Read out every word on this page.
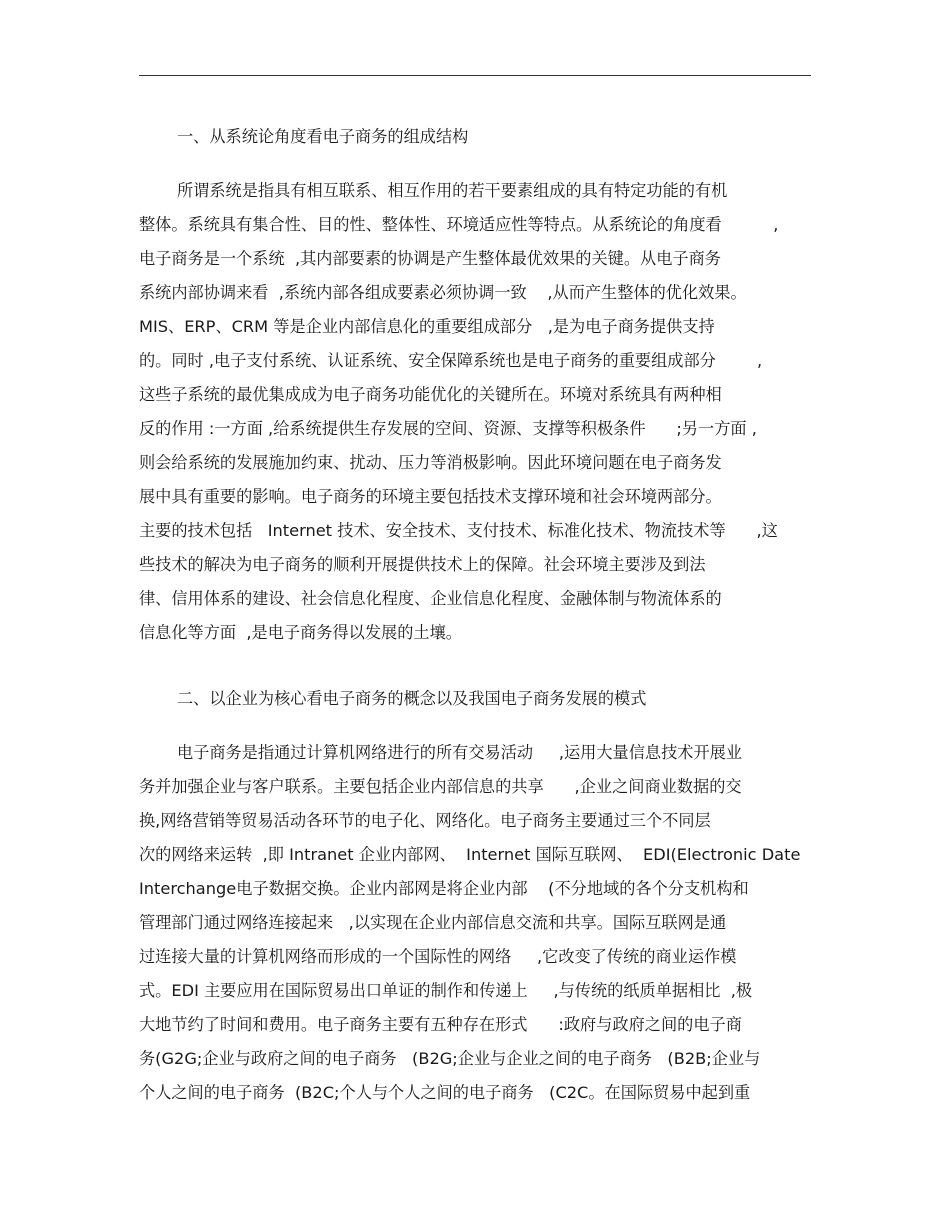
一、从系统论角度看电子商务的组成结构
所谓系统是指具有相互联系、相互作用的若干要素组成的具有特定功能的有机
整体。系统具有集合性、目的性、整体性、环境适应性等特点。从系统论的角度看          ,
电子商务是一个系统  ,其内部要素的协调是产生整体最优效果的关键。从电子商务
系统内部协调来看  ,系统内部各组成要素必须协调一致    ,从而产生整体的优化效果。
MIS、ERP、CRM 等是企业内部信息化的重要组成部分   ,是为电子商务提供支持
的。同时 ,电子支付系统、认证系统、安全保障系统也是电子商务的重要组成部分        ,
这些子系统的最优集成成为电子商务功能优化的关键所在。环境对系统具有两种相
反的作用 :一方面 ,给系统提供生存发展的空间、资源、支撑等积极条件      ;另一方面 ,
则会给系统的发展施加约束、扰动、压力等消极影响。因此环境问题在电子商务发
展中具有重要的影响。电子商务的环境主要包括技术支撑环境和社会环境两部分。
主要的技术包括   Internet 技术、安全技术、支付技术、标准化技术、物流技术等      ,这
些技术的解决为电子商务的顺利开展提供技术上的保障。社会环境主要涉及到法
律、信用体系的建设、社会信息化程度、企业信息化程度、金融体制与物流体系的
信息化等方面  ,是电子商务得以发展的土壤。
二、以企业为核心看电子商务的概念以及我国电子商务发展的模式
电子商务是指通过计算机网络进行的所有交易活动     ,运用大量信息技术开展业
务并加强企业与客户联系。主要包括企业内部信息的共享      ,企业之间商业数据的交
换,网络营销等贸易活动各环节的电子化、网络化。电子商务主要通过三个不同层
次的网络来运转  ,即 Intranet 企业内部网、  Internet 国际互联网、  EDI(Electronic Date
Interchange电子数据交换。企业内部网是将企业内部    (不分地域的各个分支机构和
管理部门通过网络连接起来   ,以实现在企业内部信息交流和共享。国际互联网是通
过连接大量的计算机网络而形成的一个国际性的网络     ,它改变了传统的商业运作模
式。EDI 主要应用在国际贸易出口单证的制作和传递上     ,与传统的纸质单据相比  ,极
大地节约了时间和费用。电子商务主要有五种存在形式      :政府与政府之间的电子商
务(G2G;企业与政府之间的电子商务   (B2G;企业与企业之间的电子商务   (B2B;企业与
个人之间的电子商务  (B2C;个人与个人之间的电子商务   (C2C。在国际贸易中起到重
